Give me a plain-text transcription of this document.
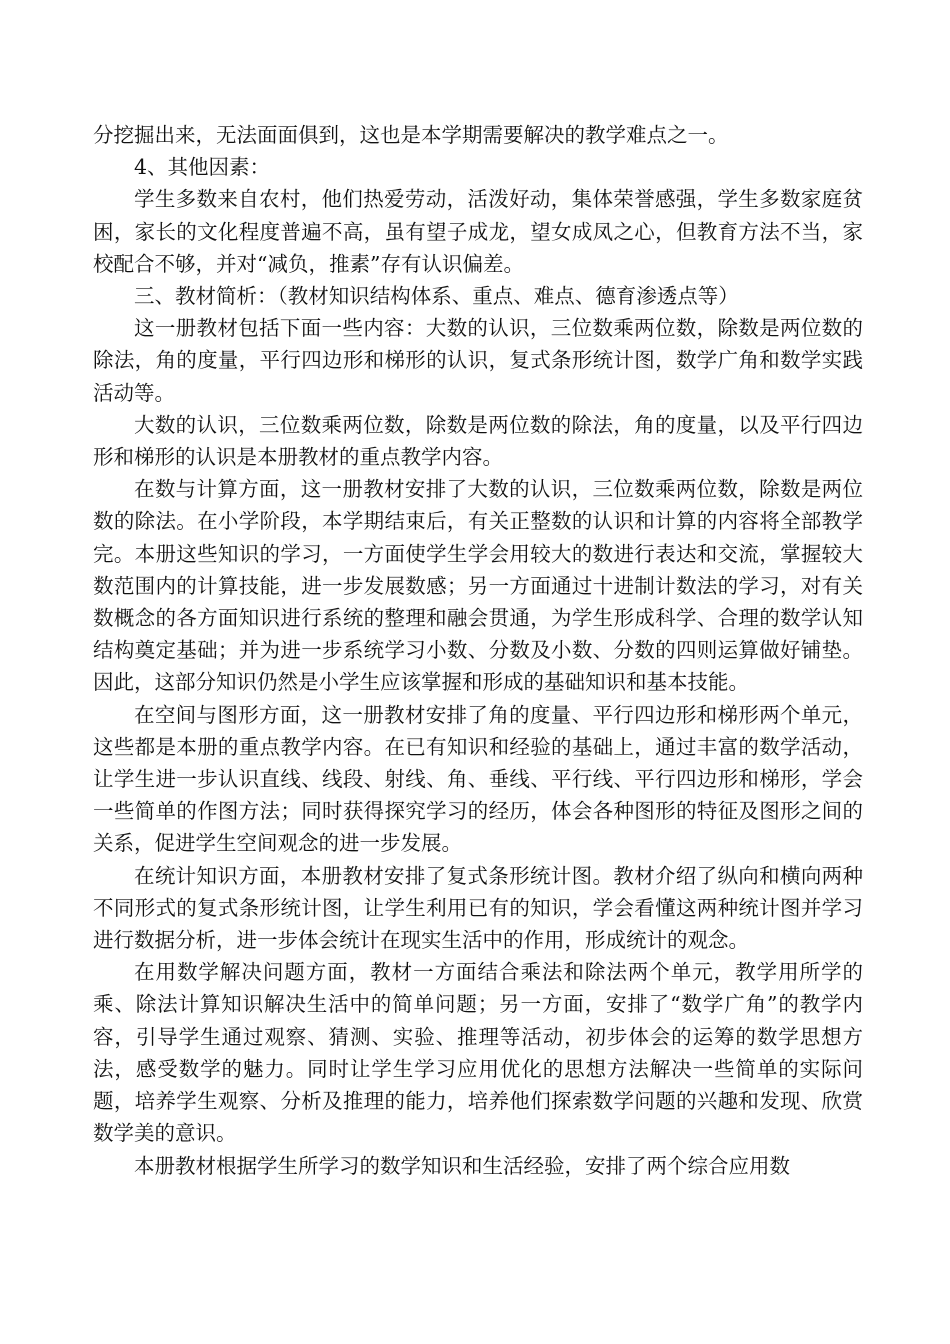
分挖掘出来，无法面面俱到，这也是本学期需要解决的教学难点之一。

4、其他因素：

学生多数来自农村，他们热爱劳动，活泼好动，集体荣誉感强，学生多数家庭贫困，家长的文化程度普遍不高，虽有望子成龙，望女成凤之心，但教育方法不当，家校配合不够，并对“减负，推素”存有认识偏差。

三、教材简析：（教材知识结构体系、重点、难点、德育渗透点等）

这一册教材包括下面一些内容：大数的认识，三位数乘两位数，除数是两位数的除法，角的度量，平行四边形和梯形的认识，复式条形统计图，数学广角和数学实践活动等。

大数的认识，三位数乘两位数，除数是两位数的除法，角的度量，以及平行四边形和梯形的认识是本册教材的重点教学内容。

在数与计算方面，这一册教材安排了大数的认识，三位数乘两位数，除数是两位数的除法。在小学阶段，本学期结束后，有关正整数的认识和计算的内容将全部教学完。本册这些知识的学习，一方面使学生学会用较大的数进行表达和交流，掌握较大数范围内的计算技能，进一步发展数感；另一方面通过十进制计数法的学习，对有关数概念的各方面知识进行系统的整理和融会贯通，为学生形成科学、合理的数学认知结构奠定基础；并为进一步系统学习小数、分数及小数、分数的四则运算做好铺垫。因此，这部分知识仍然是小学生应该掌握和形成的基础知识和基本技能。

在空间与图形方面，这一册教材安排了角的度量、平行四边形和梯形两个单元，这些都是本册的重点教学内容。在已有知识和经验的基础上，通过丰富的数学活动，让学生进一步认识直线、线段、射线、角、垂线、平行线、平行四边形和梯形，学会一些简单的作图方法；同时获得探究学习的经历，体会各种图形的特征及图形之间的关系，促进学生空间观念的进一步发展。

在统计知识方面，本册教材安排了复式条形统计图。教材介绍了纵向和横向两种不同形式的复式条形统计图，让学生利用已有的知识，学会看懂这两种统计图并学习进行数据分析，进一步体会统计在现实生活中的作用，形成统计的观念。

在用数学解决问题方面，教材一方面结合乘法和除法两个单元，教学用所学的乘、除法计算知识解决生活中的简单问题；另一方面，安排了“数学广角”的教学内容，引导学生通过观察、猜测、实验、推理等活动，初步体会的运筹的数学思想方法，感受数学的魅力。同时让学生学习应用优化的思想方法解决一些简单的实际问题，培养学生观察、分析及推理的能力，培养他们探索数学问题的兴趣和发现、欣赏数学美的意识。

本册教材根据学生所学习的数学知识和生活经验，安排了两个综合应用数
